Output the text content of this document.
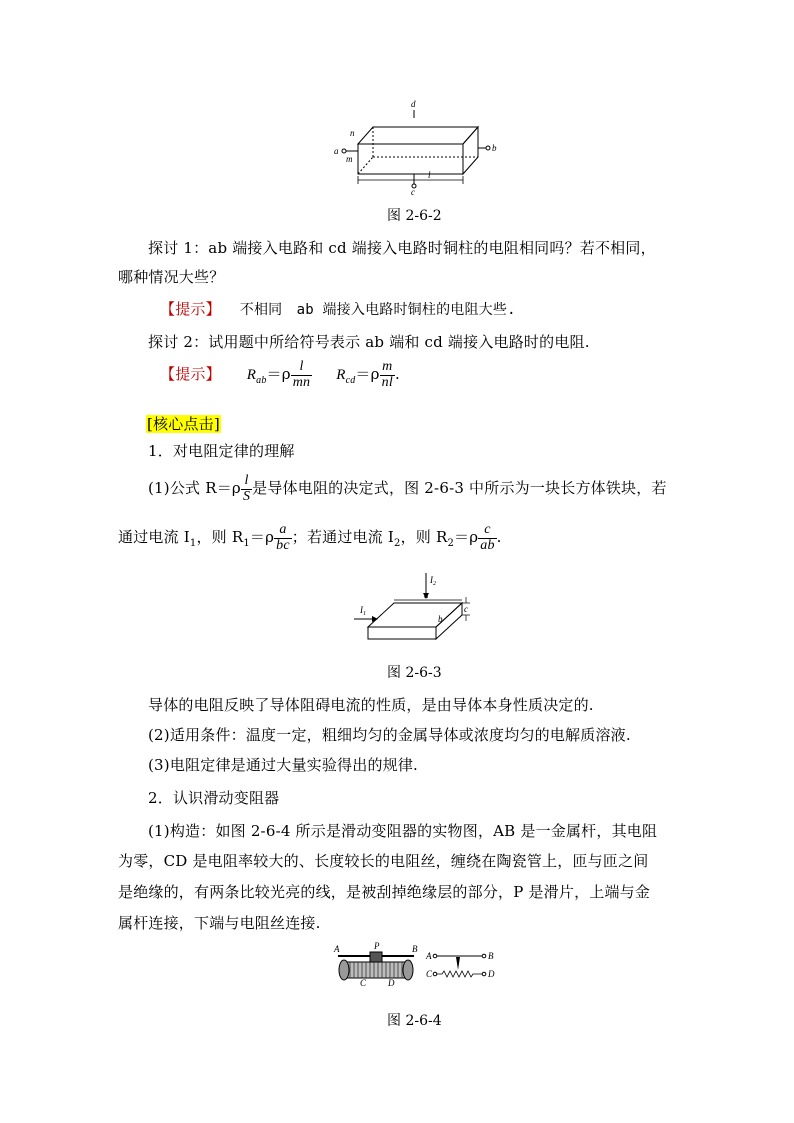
d
c
a	b
n
m
l
图 2-6-2
探讨 1：ab 端接入电路和 cd 端接入电路时铜柱的电阻相同吗？若不相同，
哪种情况大些？
【提示】 不相同　ab 端接入电路时铜柱的电阻大些.
探讨 2：试用题中所给符号表示 ab 端和 cd 端接入电路时的电阻.
【提示】 $R_{ab}=\rho \frac{l}{mn} R_{cd}=\rho \frac{m}{nl}$ .
[核心点击]
1．对电阻定律的理解
(1)公式 $R=\rho \frac{l}{S}$ 是导体电阻的决定式，图 2-6-3 中所示为一块长方体铁块，若
通过电流 $I_1$，则 $R_1=\rho \frac{a}{bc}$ ；若通过电流 $I_2$，则 $R_2=\rho \frac{c}{ab}$ .
$I_2$
$I_1$
a
b
c
图 2-6-3
导体的电阻反映了导体阻碍电流的性质，是由导体本身性质决定的.
(2)适用条件：温度一定，粗细均匀的金属导体或浓度均匀的电解质溶液.
(3)电阻定律是通过大量实验得出的规律.
2．认识滑动变阻器
(1)构造：如图 2-6-4 所示是滑动变阻器的实物图，AB 是一金属杆，其电阻
为零，CD 是电阻率较大的、长度较长的电阻丝，缠绕在陶瓷管上，匝与匝之间
是绝缘的，有两条比较光亮的线，是被刮掉绝缘层的部分，P 是滑片，上端与金
属杆连接，下端与电阻丝连接.
A	P	B
C D
A	B
C	D
图 2-6-4
